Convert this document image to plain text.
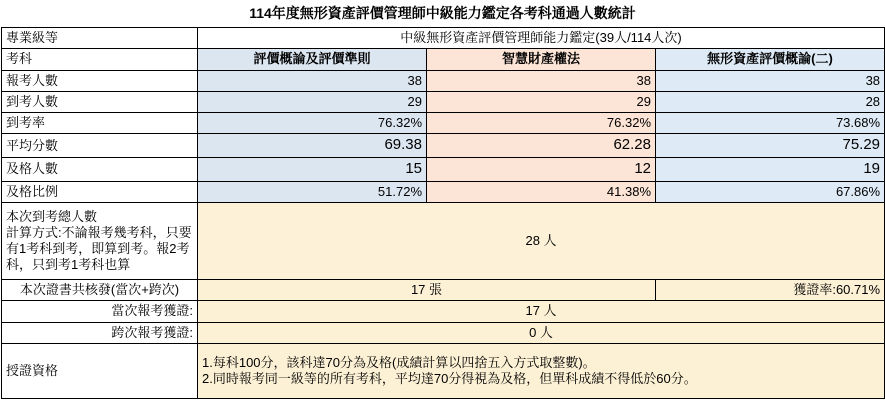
114年度無形資產評價管理師中級能力鑑定各考科通過人數統計
專業級等	中級無形資產評價管理師能力鑑定(39人/114人次)		
考科	評價概論及評價準則	智慧財產權法	無形資產評價概論(二)
報考人數	38	38	38
到考人數	29	29	28
到考率	76.32%	76.32%	73.68%
平均分數	69.38	62.28	75.29
及格人數	15	12	19
及格比例	51.72%	41.38%	67.86%

本次到考總人數
計算方式:不論報考幾考科，只要
有1考科到考，即算到考。報2考
科，只到考1考科也算	28 人		
本次證書共核發(當次+跨次)	17 張		獲證率:60.71%
當次報考獲證:	17 人		
跨次報考獲證:	0 人		
授證資格	1.每科100分，該科達70分為及格(成績計算以四捨五入方式取整數)。
2.同時報考同一級等的所有考科，平均達70分得視為及格，但單科成績不得低於60分。		
